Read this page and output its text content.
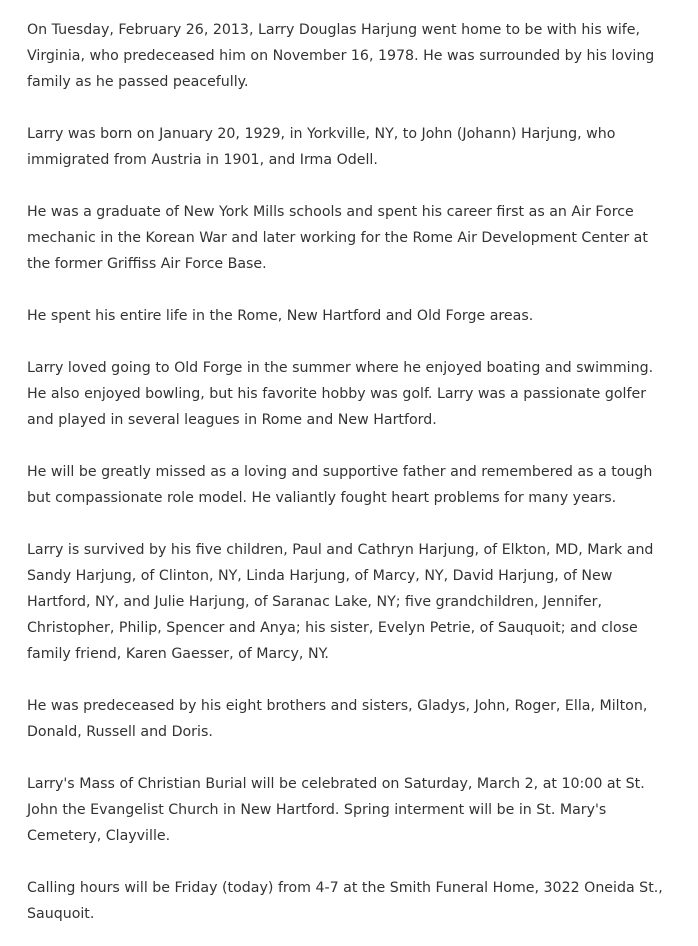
On Tuesday, February 26, 2013, Larry Douglas Harjung went home to be with his wife, Virginia, who predeceased him on November 16, 1978. He was surrounded by his loving family as he passed peacefully.

Larry was born on January 20, 1929, in Yorkville, NY, to John (Johann) Harjung, who immigrated from Austria in 1901, and Irma Odell.

He was a graduate of New York Mills schools and spent his career first as an Air Force mechanic in the Korean War and later working for the Rome Air Development Center at the former Griffiss Air Force Base.

He spent his entire life in the Rome, New Hartford and Old Forge areas.

Larry loved going to Old Forge in the summer where he enjoyed boating and swimming. He also enjoyed bowling, but his favorite hobby was golf. Larry was a passionate golfer and played in several leagues in Rome and New Hartford.

He will be greatly missed as a loving and supportive father and remembered as a tough but compassionate role model. He valiantly fought heart problems for many years.

Larry is survived by his five children, Paul and Cathryn Harjung, of Elkton, MD, Mark and Sandy Harjung, of Clinton, NY, Linda Harjung, of Marcy, NY, David Harjung, of New Hartford, NY, and Julie Harjung, of Saranac Lake, NY; five grandchildren, Jennifer, Christopher, Philip, Spencer and Anya; his sister, Evelyn Petrie, of Sauquoit; and close family friend, Karen Gaesser, of Marcy, NY.

He was predeceased by his eight brothers and sisters, Gladys, John, Roger, Ella, Milton, Donald, Russell and Doris.

Larry's Mass of Christian Burial will be celebrated on Saturday, March 2, at 10:00 at St. John the Evangelist Church in New Hartford. Spring interment will be in St. Mary's Cemetery, Clayville.

Calling hours will be Friday (today) from 4-7 at the Smith Funeral Home, 3022 Oneida St., Sauquoit.
